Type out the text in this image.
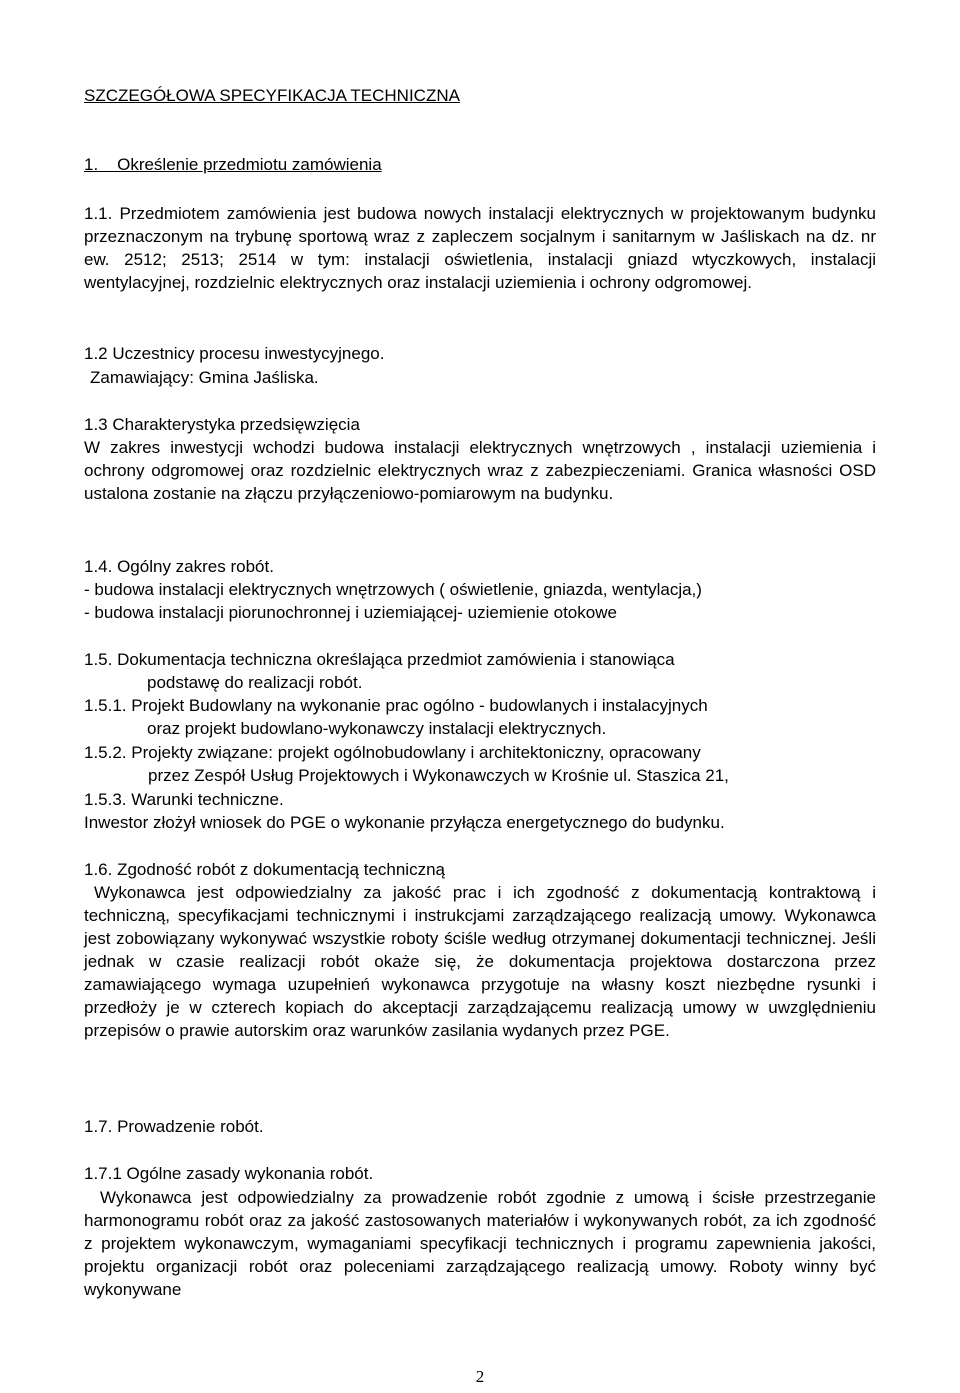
SZCZEGÓŁOWA SPECYFIKACJA TECHNICZNA

1. Określenie przedmiotu zamówienia

1.1. Przedmiotem zamówienia jest budowa nowych instalacji elektrycznych w projektowanym budynku przeznaczonym na trybunę sportową wraz z zapleczem socjalnym i sanitarnym w Jaśliskach na dz. nr ew. 2512; 2513; 2514 w tym: instalacji oświetlenia, instalacji gniazd wtyczkowych, instalacji wentylacyjnej, rozdzielnic elektrycznych oraz instalacji uziemienia i ochrony odgromowej.

1.2 Uczestnicy procesu inwestycyjnego.

Zamawiający: Gmina Jaśliska.

1.3 Charakterystyka przedsięwzięcia

W zakres inwestycji wchodzi budowa instalacji elektrycznych wnętrzowych , instalacji uziemienia i ochrony odgromowej oraz rozdzielnic elektrycznych wraz z zabezpieczeniami. Granica własności OSD ustalona zostanie na złączu przyłączeniowo-pomiarowym na budynku.

1.4. Ogólny zakres robót.

- budowa instalacji elektrycznych wnętrzowych ( oświetlenie, gniazda, wentylacja,)

- budowa instalacji piorunochronnej i uziemiającej- uziemienie otokowe

1.5. Dokumentacja techniczna określająca przedmiot zamówienia i stanowiąca
podstawę do realizacji robót.

1.5.1. Projekt Budowlany na wykonanie prac ogólno - budowlanych i instalacyjnych
oraz projekt budowlano-wykonawczy instalacji elektrycznych.

1.5.2. Projekty związane: projekt ogólnobudowlany i architektoniczny, opracowany
przez Zespół Usług Projektowych i Wykonawczych w Krośnie ul. Staszica 21,

1.5.3. Warunki techniczne.

Inwestor złożył wniosek do PGE o wykonanie przyłącza energetycznego do budynku.

1.6. Zgodność robót z dokumentacją techniczną

Wykonawca jest odpowiedzialny za jakość prac i ich zgodność z dokumentacją kontraktową i techniczną, specyfikacjami technicznymi i instrukcjami zarządzającego realizacją umowy. Wykonawca jest zobowiązany wykonywać wszystkie roboty ściśle według otrzymanej dokumentacji technicznej. Jeśli jednak w czasie realizacji robót okaże się, że dokumentacja projektowa dostarczona przez zamawiającego wymaga uzupełnień wykonawca przygotuje na własny koszt niezbędne rysunki i przedłoży je w czterech kopiach do akceptacji zarządzającemu realizacją umowy w uwzględnieniu przepisów o prawie autorskim oraz warunków zasilania wydanych przez PGE.

1.7. Prowadzenie robót.

1.7.1 Ogólne zasady wykonania robót.

Wykonawca jest odpowiedzialny za prowadzenie robót zgodnie z umową i ścisłe przestrzeganie harmonogramu robót oraz za jakość zastosowanych materiałów i wykonywanych robót, za ich zgodność z projektem wykonawczym, wymaganiami specyfikacji technicznych i programu zapewnienia jakości, projektu organizacji robót oraz poleceniami zarządzającego realizacją umowy. Roboty winny być wykonywane

2
